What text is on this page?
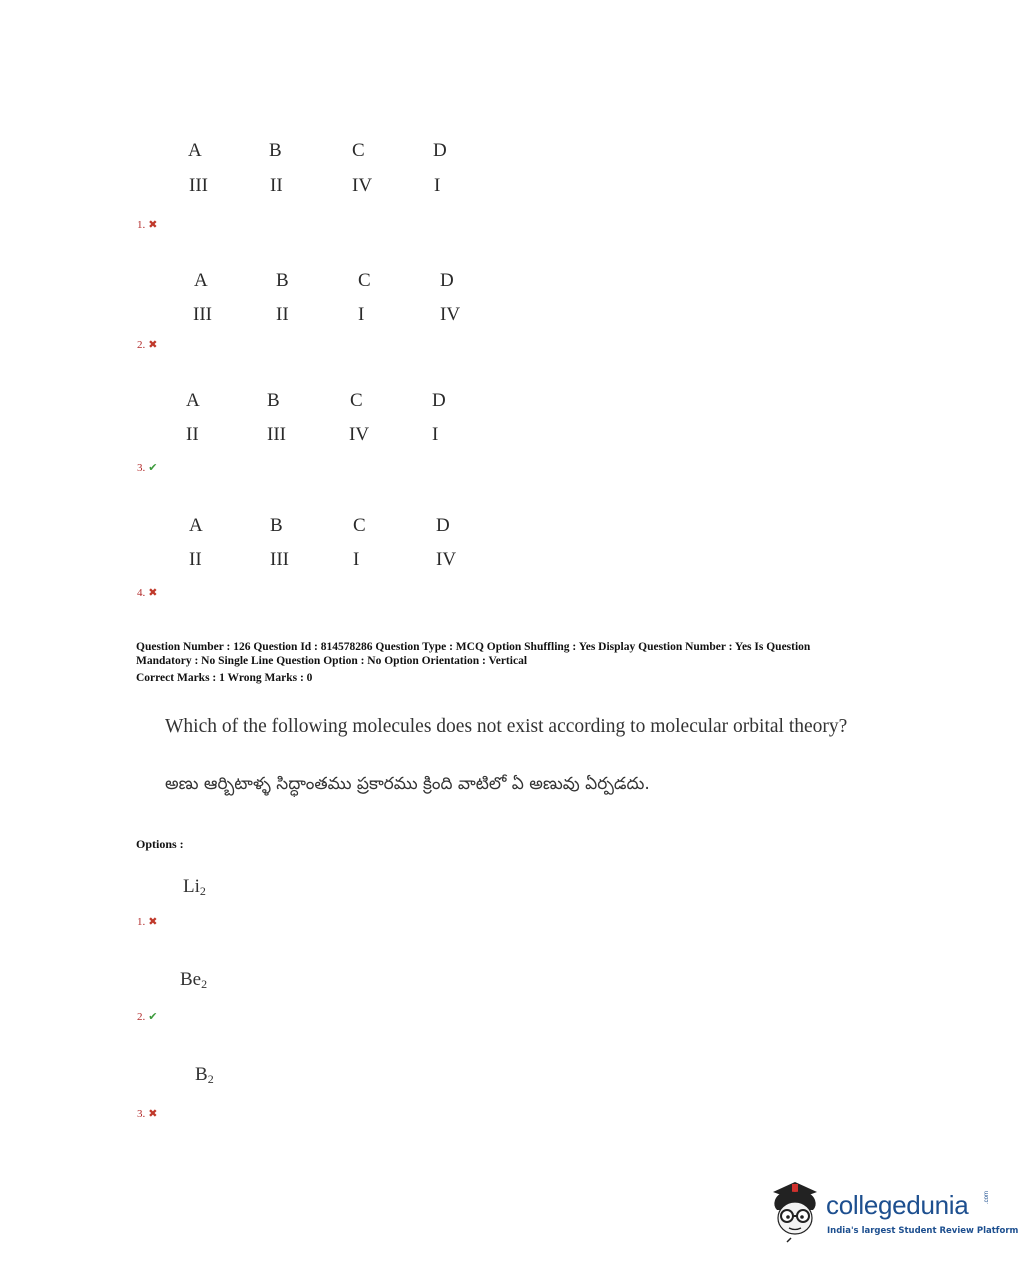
A	B	C	D
III	II	IV	I
1. ✖
A	B	C	D
III	II	I	IV
2. ✖
A	B	C	D
II	III	IV	I
3. ✔
A	B	C	D
II	III	I	IV
4. ✖
Question Number : 126 Question Id : 814578286 Question Type : MCQ Option Shuffling : Yes Display Question Number : Yes Is Question
Mandatory : No Single Line Question Option : No Option Orientation : Vertical
Correct Marks : 1 Wrong Marks : 0
Which of the following molecules does not exist according to molecular orbital theory?
అణు ఆర్బిటాళ్ళ సిద్ధాంతము ప్రకారము క్రింది వాటిలో ఏ అణువు ఏర్పడదు.
Options :
$Li_2$
1. ✖
$Be_2$
2. ✔
$B_2$
3. ✖
collegedunia	.com
India's largest Student Review Platform
